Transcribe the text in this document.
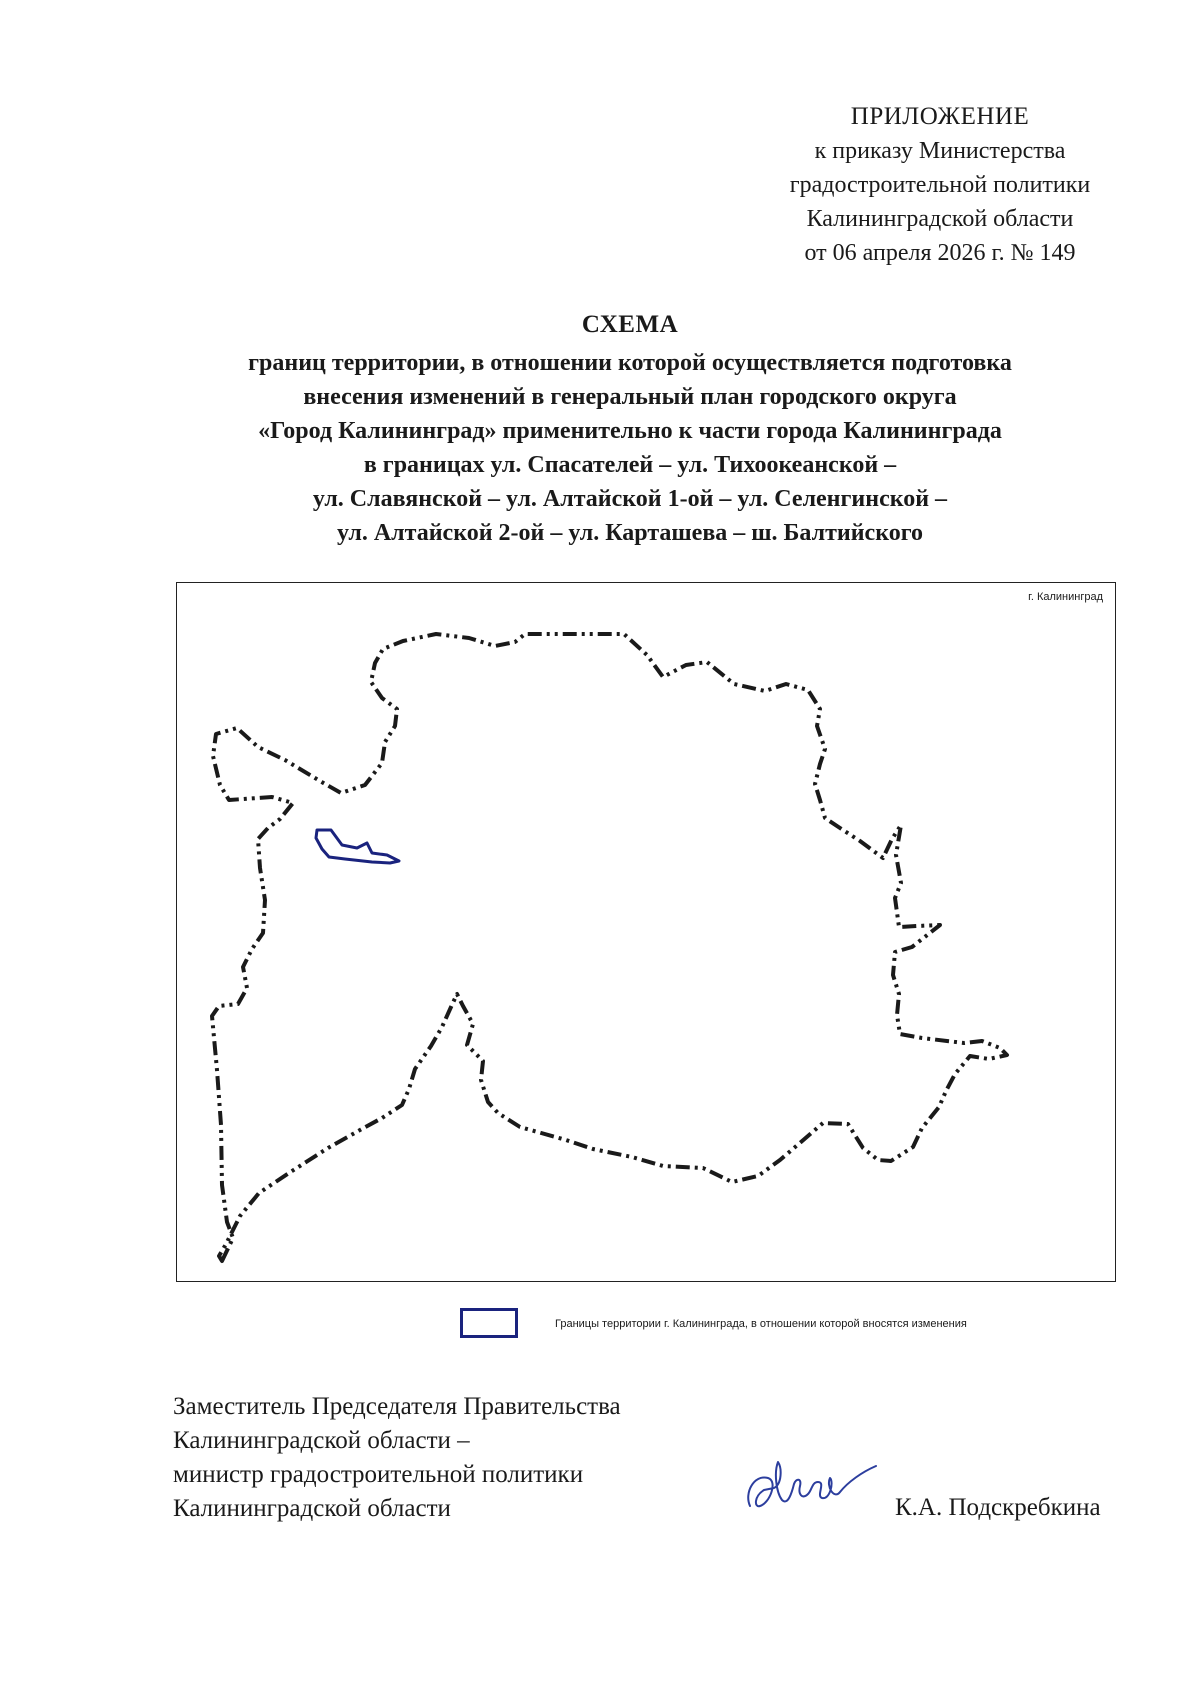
ПРИЛОЖЕНИЕ
к приказу Министерства
градостроительной политики
Калининградской области
от 06 апреля 2026 г. № 149
СХЕМА
границ территории, в отношении которой осуществляется подготовка
внесения изменений в генеральный план городского округа
«Город Калининград» применительно к части города Калининграда
в границах ул. Спасателей – ул. Тихоокеанской –
ул. Славянской – ул. Алтайской 1-ой – ул. Селенгинской –
ул. Алтайской 2-ой – ул. Карташева – ш. Балтийского
г. Калининград
Границы территории г. Калининграда, в отношении которой вносятся изменения
Заместитель Председателя Правительства
Калининградской области –
министр градостроительной политики
Калининградской области	К.А. Подскребкина
